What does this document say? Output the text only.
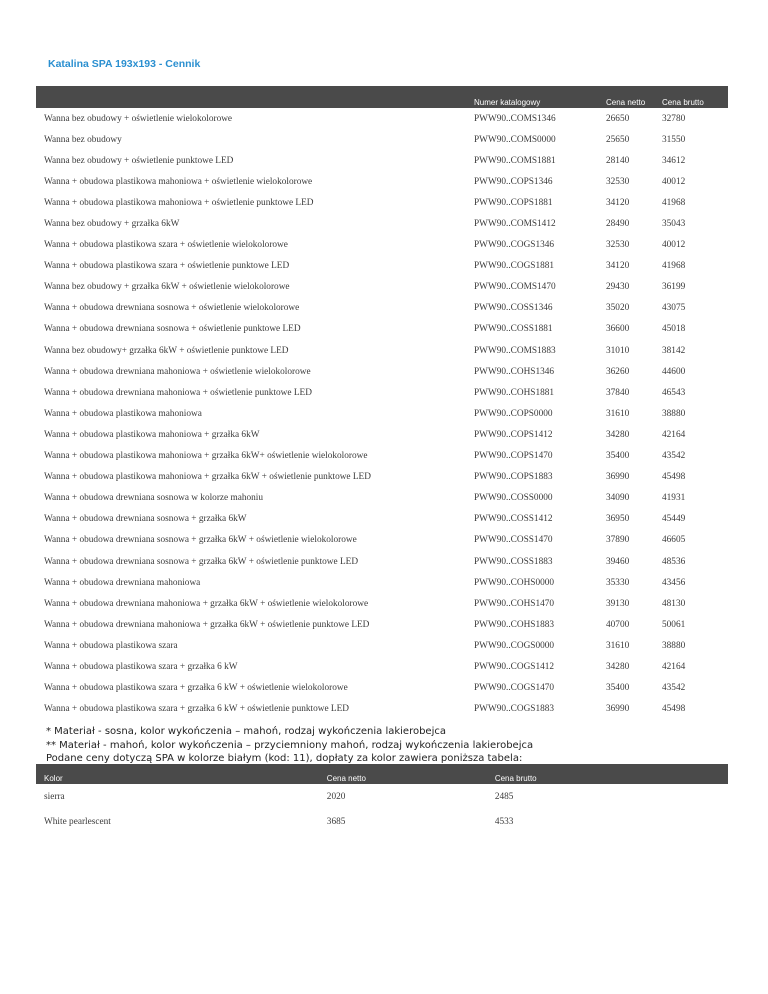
Katalina SPA 193x193 - Cennik
	Numer katalogowy	Cena netto	Cena brutto
Wanna bez obudowy + oświetlenie wielokolorowe	PWW90..COMS1346	26650	32780
Wanna bez obudowy	PWW90..COMS0000	25650	31550
Wanna bez obudowy + oświetlenie punktowe LED	PWW90..COMS1881	28140	34612
Wanna + obudowa plastikowa mahoniowa + oświetlenie wielokolorowe	PWW90..COPS1346	32530	40012
Wanna + obudowa plastikowa mahoniowa + oświetlenie punktowe LED	PWW90..COPS1881	34120	41968
Wanna bez obudowy + grzałka 6kW	PWW90..COMS1412	28490	35043
Wanna + obudowa plastikowa szara + oświetlenie wielokolorowe	PWW90..COGS1346	32530	40012
Wanna + obudowa plastikowa szara + oświetlenie punktowe LED	PWW90..COGS1881	34120	41968
Wanna bez obudowy + grzałka 6kW + oświetlenie wielokolorowe	PWW90..COMS1470	29430	36199
Wanna + obudowa drewniana sosnowa + oświetlenie wielokolorowe	PWW90..COSS1346	35020	43075
Wanna + obudowa drewniana sosnowa + oświetlenie punktowe LED	PWW90..COSS1881	36600	45018
Wanna bez obudowy+ grzałka 6kW + oświetlenie punktowe LED	PWW90..COMS1883	31010	38142
Wanna + obudowa drewniana mahoniowa + oświetlenie wielokolorowe	PWW90..COHS1346	36260	44600
Wanna + obudowa drewniana mahoniowa + oświetlenie punktowe LED	PWW90..COHS1881	37840	46543
Wanna + obudowa plastikowa mahoniowa	PWW90..COPS0000	31610	38880
Wanna + obudowa plastikowa mahoniowa + grzałka 6kW	PWW90..COPS1412	34280	42164
Wanna + obudowa plastikowa mahoniowa + grzałka 6kW+ oświetlenie wielokolorowe	PWW90..COPS1470	35400	43542
Wanna + obudowa plastikowa mahoniowa + grzałka 6kW + oświetlenie punktowe LED	PWW90..COPS1883	36990	45498
Wanna + obudowa drewniana sosnowa w kolorze mahoniu	PWW90..COSS0000	34090	41931
Wanna + obudowa drewniana sosnowa + grzałka 6kW	PWW90..COSS1412	36950	45449
Wanna + obudowa drewniana sosnowa + grzałka 6kW + oświetlenie wielokolorowe	PWW90..COSS1470	37890	46605
Wanna + obudowa drewniana sosnowa + grzałka 6kW + oświetlenie punktowe LED	PWW90..COSS1883	39460	48536
Wanna + obudowa drewniana mahoniowa	PWW90..COHS0000	35330	43456
Wanna + obudowa drewniana mahoniowa + grzałka 6kW + oświetlenie wielokolorowe	PWW90..COHS1470	39130	48130
Wanna + obudowa drewniana mahoniowa + grzałka 6kW + oświetlenie punktowe LED	PWW90..COHS1883	40700	50061
Wanna + obudowa plastikowa szara	PWW90..COGS0000	31610	38880
Wanna + obudowa plastikowa szara + grzałka 6 kW	PWW90..COGS1412	34280	42164
Wanna + obudowa plastikowa szara + grzałka 6 kW + oświetlenie wielokolorowe	PWW90..COGS1470	35400	43542
Wanna + obudowa plastikowa szara + grzałka 6 kW + oświetlenie punktowe LED	PWW90..COGS1883	36990	45498
* Materiał - sosna, kolor wykończenia – mahoń, rodzaj wykończenia lakierobejca
** Materiał - mahoń, kolor wykończenia – przyciemniony mahoń, rodzaj wykończenia lakierobejca
Podane ceny dotyczą SPA w kolorze białym (kod: 11), dopłaty za kolor zawiera poniższa tabela:
Kolor	Cena netto	Cena brutto
sierra	2020	2485
White pearlescent	3685	4533
